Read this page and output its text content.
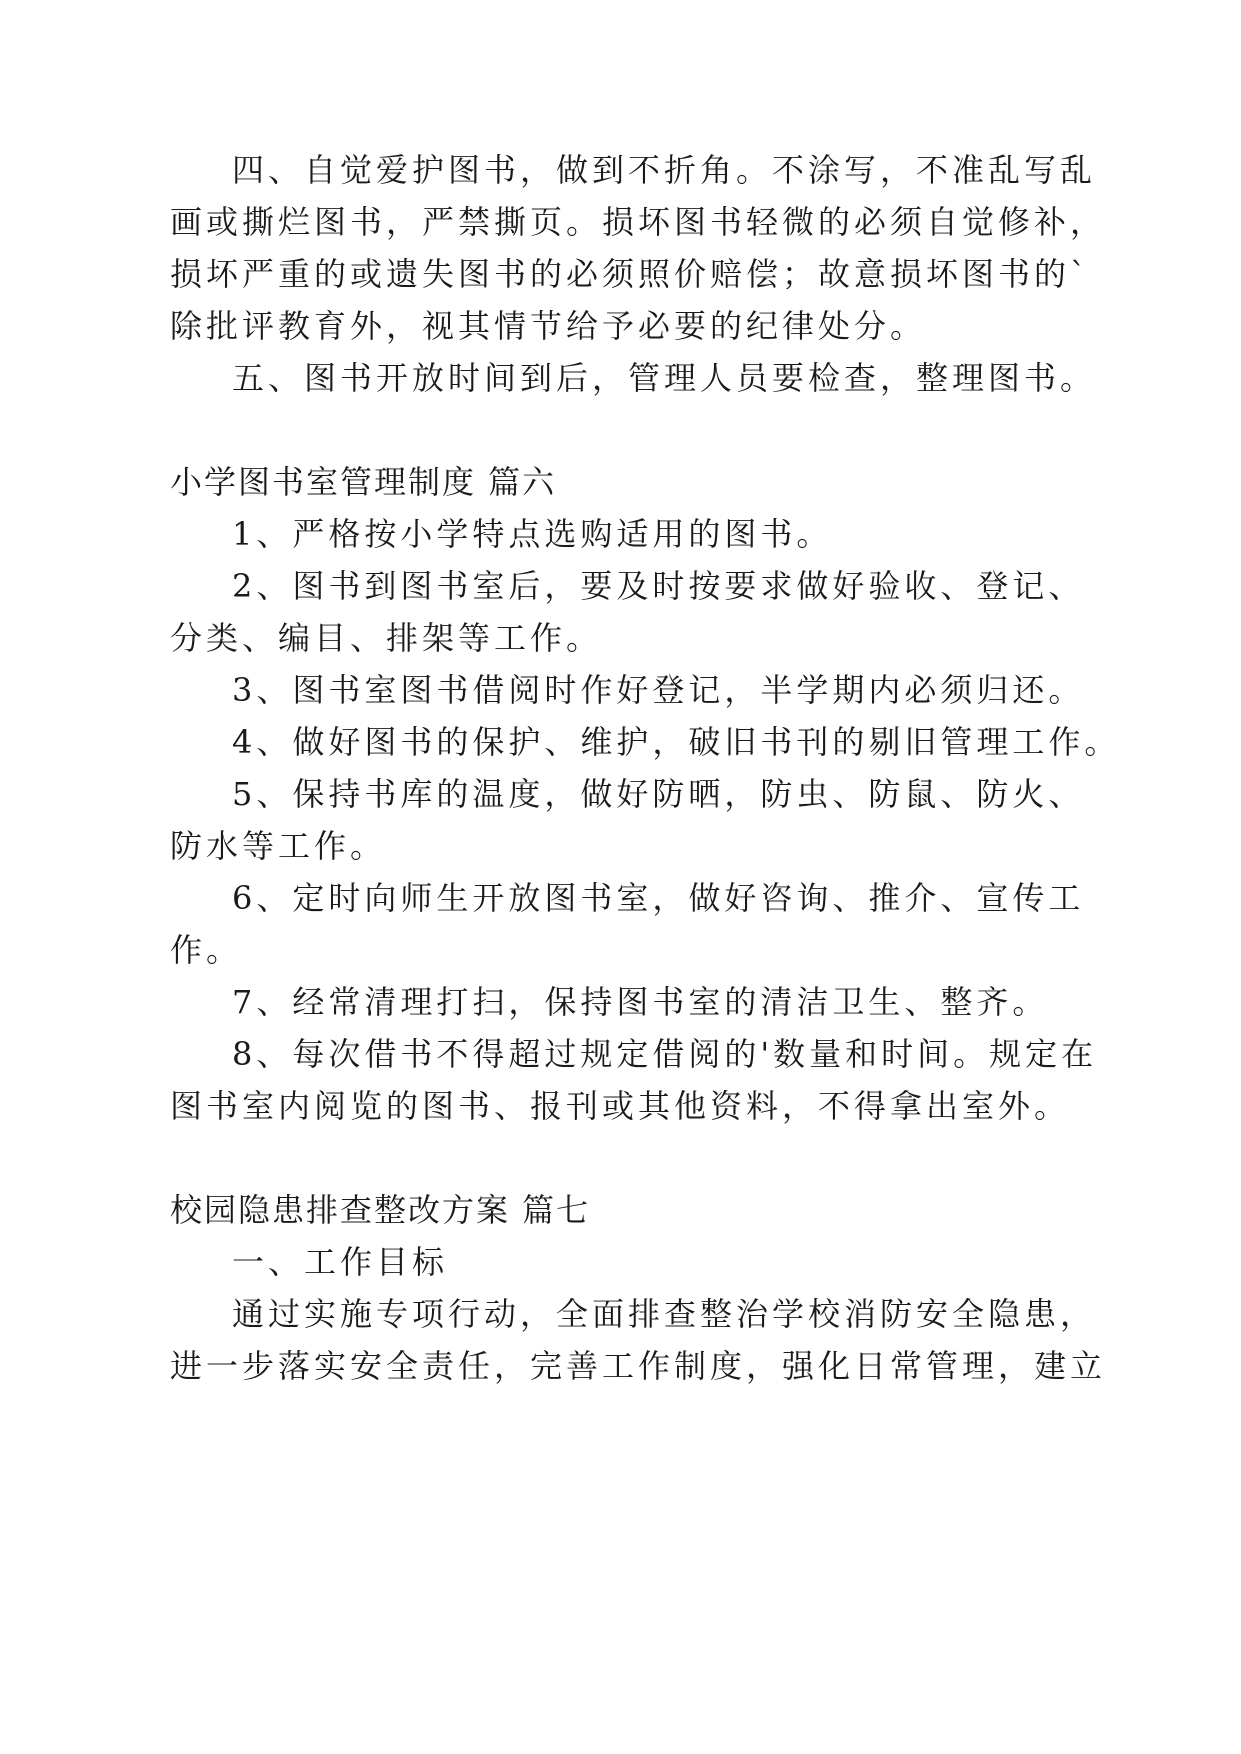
四、自觉爱护图书，做到不折角。不涂写，不准乱写乱
画或撕烂图书，严禁撕页。损坏图书轻微的必须自觉修补，
损坏严重的或遗失图书的必须照价赔偿；故意损坏图书的`
除批评教育外，视其情节给予必要的纪律处分。
五、图书开放时间到后，管理人员要检查，整理图书。
小学图书室管理制度 篇六
1、严格按小学特点选购适用的图书。
2、图书到图书室后，要及时按要求做好验收、登记、
分类、编目、排架等工作。
3、图书室图书借阅时作好登记，半学期内必须归还。
4、做好图书的保护、维护，破旧书刊的剔旧管理工作。
5、保持书库的温度，做好防晒，防虫、防鼠、防火、
防水等工作。
6、定时向师生开放图书室，做好咨询、推介、宣传工
作。
7、经常清理打扫，保持图书室的清洁卫生、整齐。
8、每次借书不得超过规定借阅的'数量和时间。规定在
图书室内阅览的图书、报刊或其他资料，不得拿出室外。
校园隐患排查整改方案 篇七
一、工作目标
通过实施专项行动，全面排查整治学校消防安全隐患，
进一步落实安全责任，完善工作制度，强化日常管理，建立
